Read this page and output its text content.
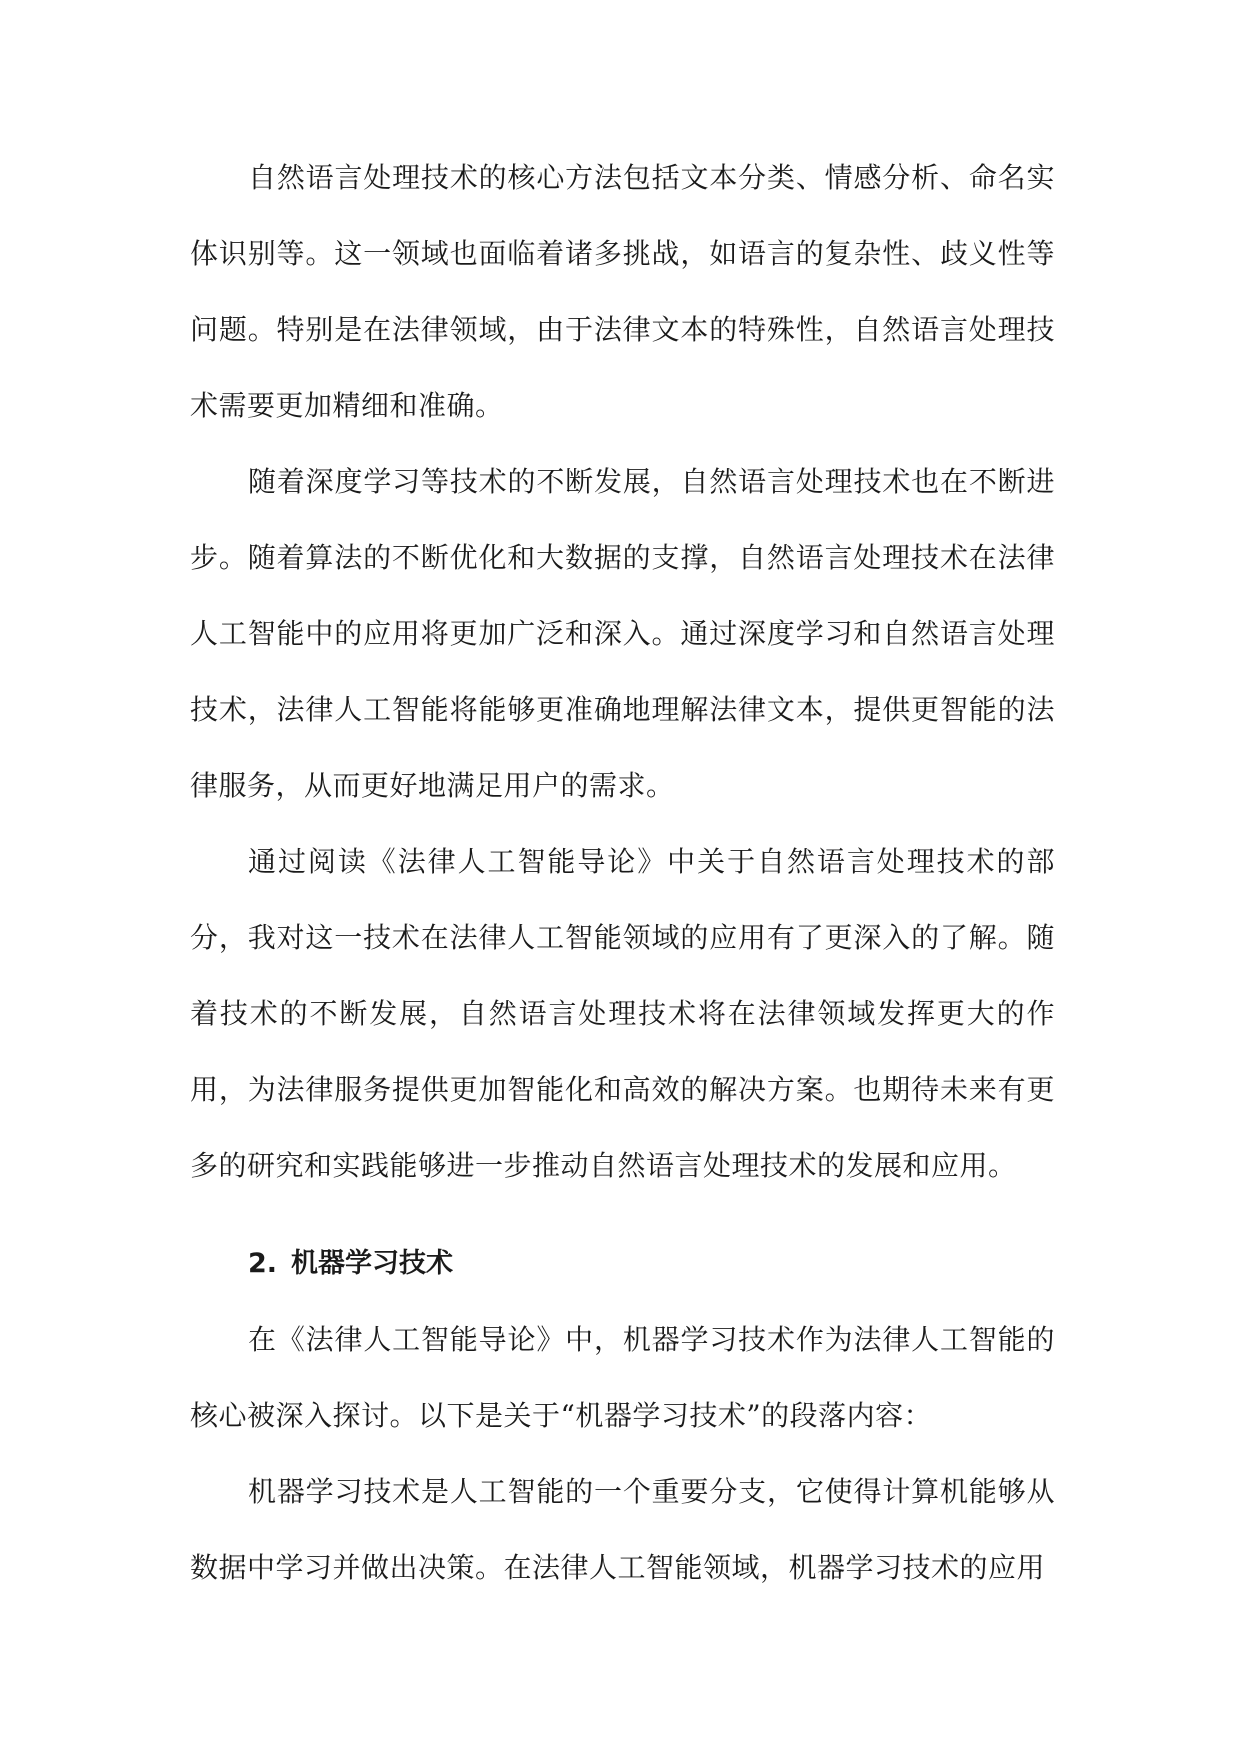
自然语言处理技术的核心方法包括文本分类、情感分析、命名实体识别等。这一领域也面临着诸多挑战，如语言的复杂性、歧义性等问题。特别是在法律领域，由于法律文本的特殊性，自然语言处理技术需要更加精细和准确。

随着深度学习等技术的不断发展，自然语言处理技术也在不断进步。随着算法的不断优化和大数据的支撑，自然语言处理技术在法律人工智能中的应用将更加广泛和深入。通过深度学习和自然语言处理技术，法律人工智能将能够更准确地理解法律文本，提供更智能的法律服务，从而更好地满足用户的需求。

通过阅读《法律人工智能导论》中关于自然语言处理技术的部分，我对这一技术在法律人工智能领域的应用有了更深入的了解。随着技术的不断发展，自然语言处理技术将在法律领域发挥更大的作用，为法律服务提供更加智能化和高效的解决方案。也期待未来有更多的研究和实践能够进一步推动自然语言处理技术的发展和应用。

2. 机器学习技术

在《法律人工智能导论》中，机器学习技术作为法律人工智能的核心被深入探讨。以下是关于“机器学习技术”的段落内容：

机器学习技术是人工智能的一个重要分支，它使得计算机能够从数据中学习并做出决策。在法律人工智能领域，机器学习技术的应用
